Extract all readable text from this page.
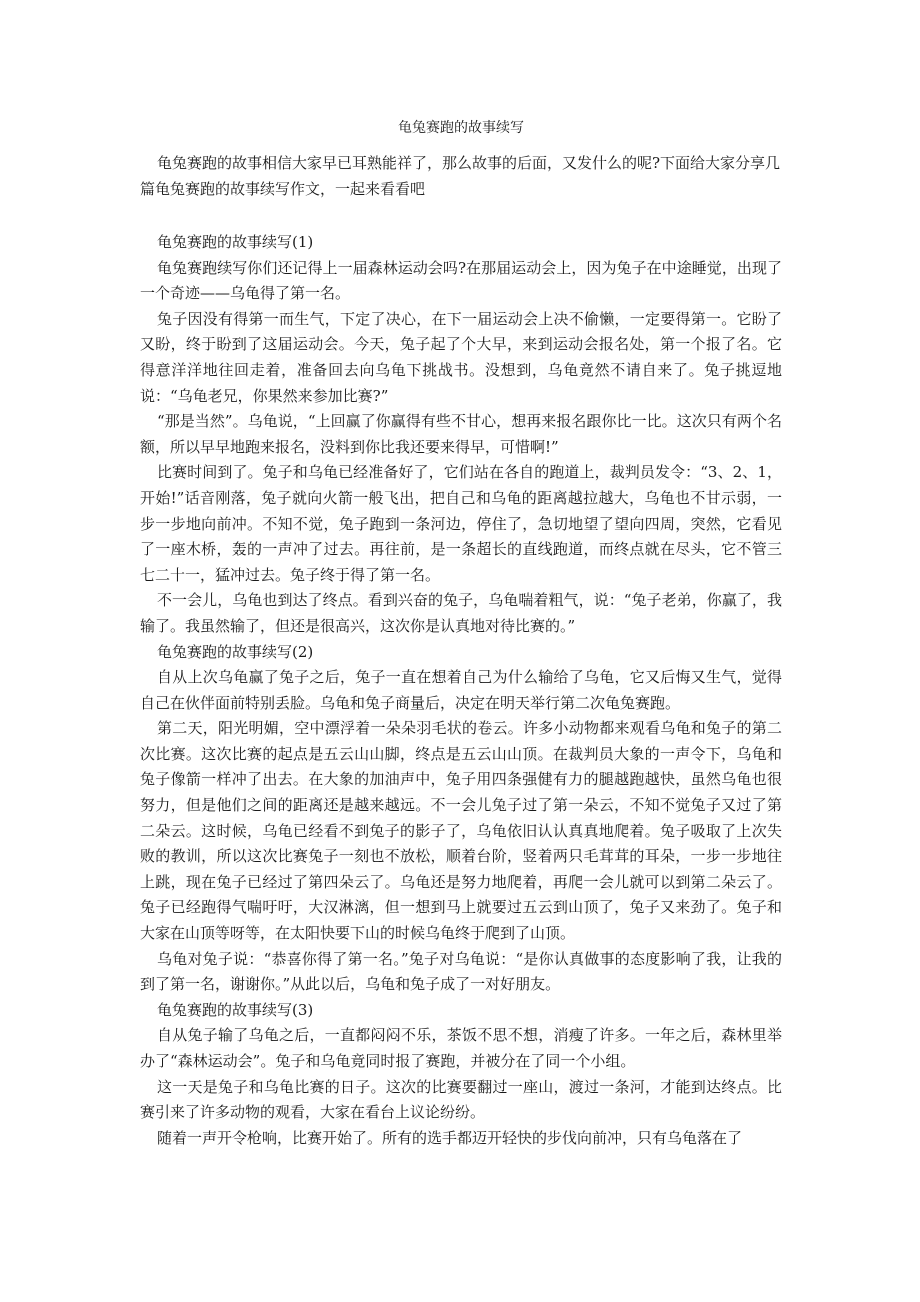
龟兔赛跑的故事续写

龟兔赛跑的故事相信大家早已耳熟能祥了，那么故事的后面，又发什么的呢?下面给大家分享几篇龟兔赛跑的故事续写作文，一起来看看吧

龟兔赛跑的故事续写(1)

龟兔赛跑续写你们还记得上一届森林运动会吗?在那届运动会上，因为兔子在中途睡觉，出现了一个奇迹——乌龟得了第一名。

兔子因没有得第一而生气，下定了决心，在下一届运动会上决不偷懒，一定要得第一。它盼了又盼，终于盼到了这届运动会。今天，兔子起了个大早，来到运动会报名处，第一个报了名。它得意洋洋地往回走着，准备回去向乌龟下挑战书。没想到，乌龟竟然不请自来了。兔子挑逗地说：“乌龟老兄，你果然来参加比赛?”

“那是当然”。乌龟说，“上回赢了你赢得有些不甘心，想再来报名跟你比一比。这次只有两个名额，所以早早地跑来报名，没料到你比我还要来得早，可惜啊!”

比赛时间到了。兔子和乌龟已经准备好了，它们站在各自的跑道上，裁判员发令：“3、2、1，开始!”话音刚落，兔子就向火箭一般飞出，把自己和乌龟的距离越拉越大，乌龟也不甘示弱，一步一步地向前冲。不知不觉，兔子跑到一条河边，停住了，急切地望了望向四周，突然，它看见了一座木桥，轰的一声冲了过去。再往前，是一条超长的直线跑道，而终点就在尽头，它不管三七二十一，猛冲过去。兔子终于得了第一名。

不一会儿，乌龟也到达了终点。看到兴奋的兔子，乌龟喘着粗气，说：“兔子老弟，你赢了，我输了。我虽然输了，但还是很高兴，这次你是认真地对待比赛的。”

龟兔赛跑的故事续写(2)

自从上次乌龟赢了兔子之后，兔子一直在想着自己为什么输给了乌龟，它又后悔又生气，觉得自己在伙伴面前特别丢脸。乌龟和兔子商量后，决定在明天举行第二次龟兔赛跑。

第二天，阳光明媚，空中漂浮着一朵朵羽毛状的卷云。许多小动物都来观看乌龟和兔子的第二次比赛。这次比赛的起点是五云山山脚，终点是五云山山顶。在裁判员大象的一声令下，乌龟和兔子像箭一样冲了出去。在大象的加油声中，兔子用四条强健有力的腿越跑越快，虽然乌龟也很努力，但是他们之间的距离还是越来越远。不一会儿兔子过了第一朵云，不知不觉兔子又过了第二朵云。这时候，乌龟已经看不到兔子的影子了，乌龟依旧认认真真地爬着。兔子吸取了上次失败的教训，所以这次比赛兔子一刻也不放松，顺着台阶，竖着两只毛茸茸的耳朵，一步一步地往上跳，现在兔子已经过了第四朵云了。乌龟还是努力地爬着，再爬一会儿就可以到第二朵云了。兔子已经跑得气喘吁吁，大汉淋漓，但一想到马上就要过五云到山顶了，兔子又来劲了。兔子和大家在山顶等呀等，在太阳快要下山的时候乌龟终于爬到了山顶。

乌龟对兔子说：“恭喜你得了第一名。”兔子对乌龟说：“是你认真做事的态度影响了我，让我的到了第一名，谢谢你。”从此以后，乌龟和兔子成了一对好朋友。

龟兔赛跑的故事续写(3)

自从兔子输了乌龟之后，一直都闷闷不乐，茶饭不思不想，消瘦了许多。一年之后，森林里举办了“森林运动会”。兔子和乌龟竟同时报了赛跑，并被分在了同一个小组。

这一天是兔子和乌龟比赛的日子。这次的比赛要翻过一座山，渡过一条河，才能到达终点。比赛引来了许多动物的观看，大家在看台上议论纷纷。

随着一声开令枪响，比赛开始了。所有的选手都迈开轻快的步伐向前冲，只有乌龟落在了
